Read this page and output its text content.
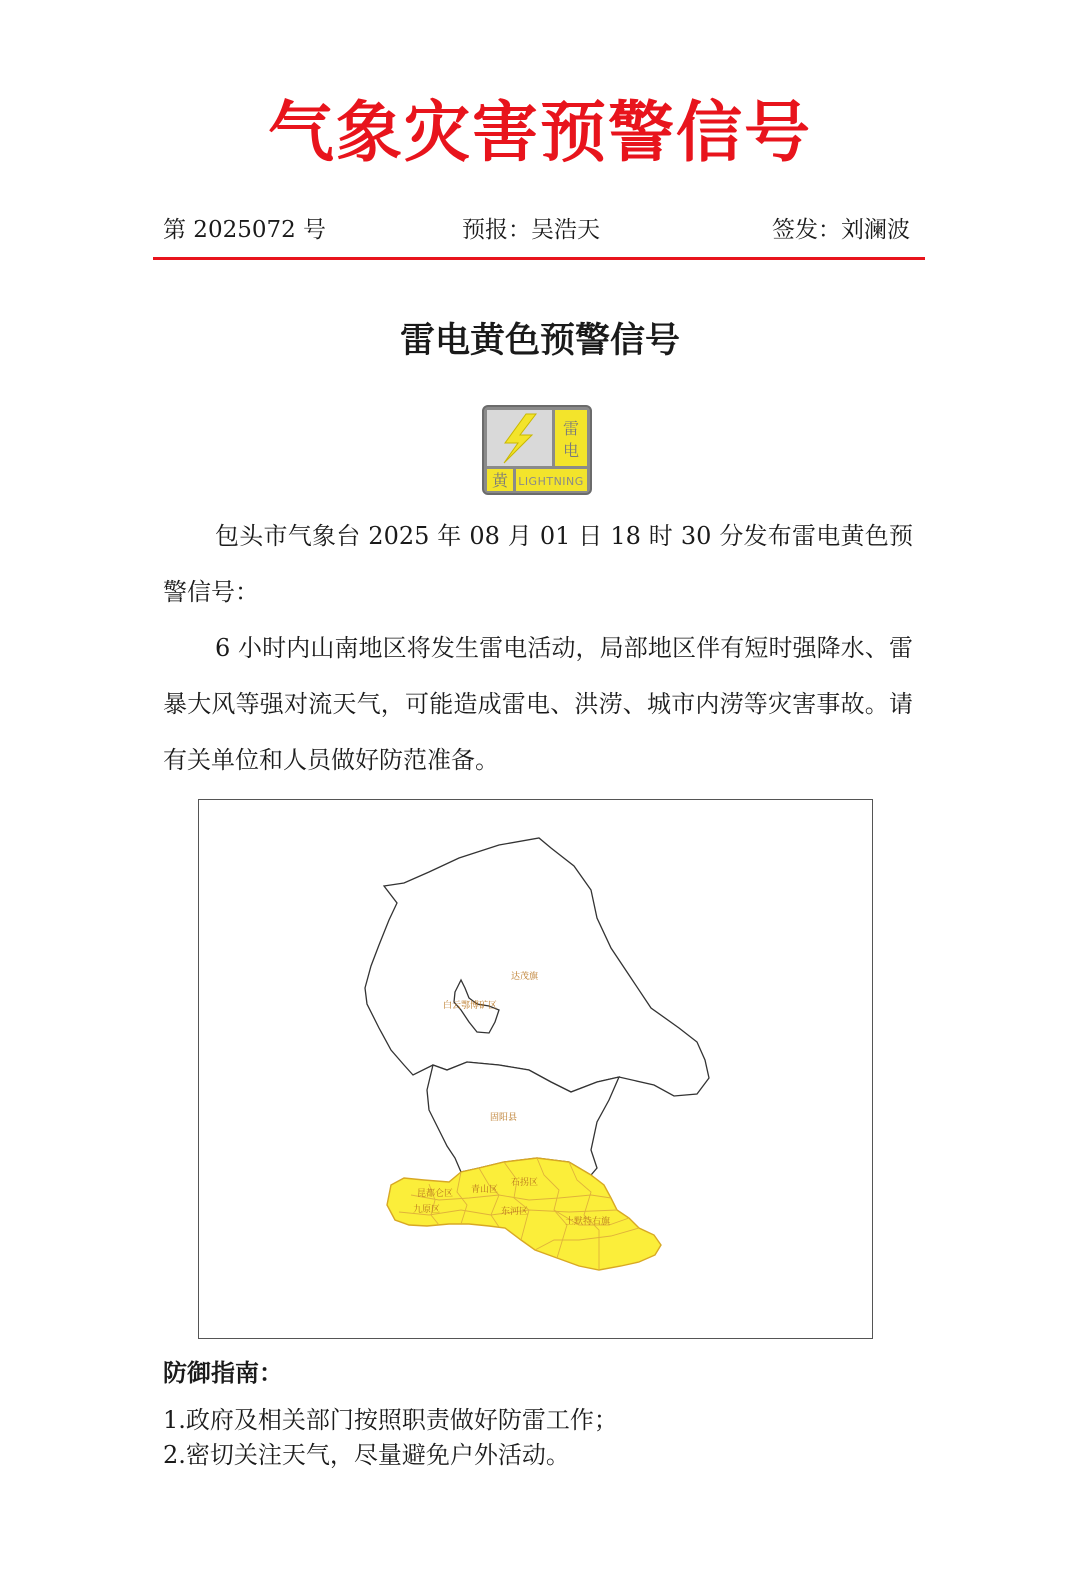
气象灾害预警信号
第 2025072 号	预报：吴浩天	签发：刘澜波
雷电黄色预警信号
雷
电
黄 LIGHTNING

包头市气象台 2025 年 08 月 01 日 18 时 30 分发布雷电黄色预警信号：

6 小时内山南地区将发生雷电活动，局部地区伴有短时强降水、雷暴大风等强对流天气，可能造成雷电、洪涝、城市内涝等灾害事故。请有关单位和人员做好防范准备。

达茂旗
白云鄂博矿区
固阳县
昆都仑区 青山区
石拐区
九原区	东河区
土默特右旗
防御指南：
1.政府及相关部门按照职责做好防雷工作；
2.密切关注天气，尽量避免户外活动。
